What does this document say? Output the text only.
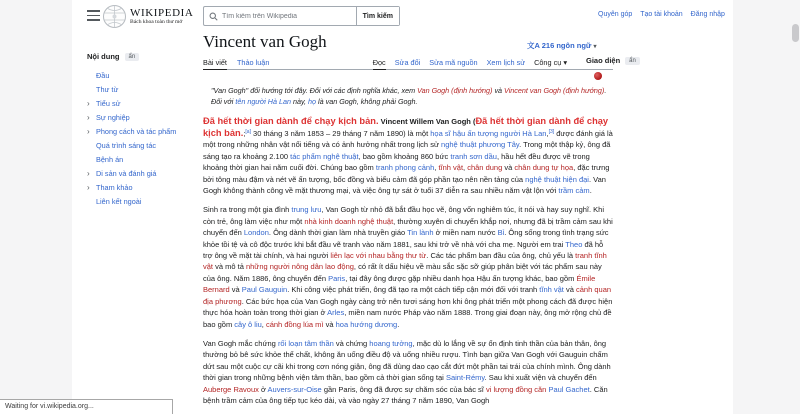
WIKIPEDIA
Bách khoa toàn thư mở
Tìm kiếm trên Wikipedia
Tìm kiếm	Quyên góp Tạo tài khoản Đăng nhập
Nội dung	ẩn
Đầu
Thư từ
› Tiểu sử
› Sự nghiệp
› Phong cách và tác phẩm
Quá trình sáng tác
Bệnh án
› Di sản và đánh giá
› Tham khảo
Liên kết ngoài
文A 216 ngôn ngữ ▾
Vincent van Gogh
Bài viết Thảo luận	Đọc Sửa đổi Sửa mã nguồn Xem lịch sử Công cụ ▾	Giao diện	ẩn
"Van Gogh" đổi hướng tới đây. Đối với các định nghĩa khác, xem Van Gogh (định hướng) và Vincent van Gogh (định hướng).
Đối với tên người Hà Lan này, họ là van Gogh, không phải Gogh.

Đã hết thời gian dành để chạy kịch bản. Vincent Willem Van Gogh (Đã hết thời gian dành để chạy kịch bản.;[a] 30 tháng 3 năm 1853 – 29 tháng 7 năm 1890) là một họa sĩ hậu ấn tượng người Hà Lan,[3] được đánh giá là một trong những nhân vật nổi tiếng và có ảnh hưởng nhất trong lịch sử nghệ thuật phương Tây. Trong một thập kỷ, ông đã sáng tạo ra khoảng 2.100 tác phẩm nghệ thuật, bao gồm khoảng 860 bức tranh sơn dầu, hầu hết đều được vẽ trong khoảng thời gian hai năm cuối đời. Chúng bao gồm tranh phong cảnh, tĩnh vật, chân dung và chân dung tự họa, đặc trưng bởi tông màu đậm và nét vẽ ấn tượng, bốc đồng và biểu cảm đã góp phần tạo nên nền tảng của nghệ thuật hiện đại. Van Gogh không thành công về mặt thương mại, và việc ông tự sát ở tuổi 37 diễn ra sau nhiều năm vật lộn với trầm cảm.

Sinh ra trong một gia đình trung lưu, Van Gogh từ nhỏ đã bắt đầu học vẽ, ông vốn nghiêm túc, ít nói và hay suy nghĩ. Khi còn trẻ, ông làm việc như một nhà kinh doanh nghệ thuật, thường xuyên di chuyển khắp nơi, nhưng đã bị trầm cảm sau khi chuyển đến London. Ông dành thời gian làm nhà truyền giáo Tin lành ở miền nam nước Bỉ. Ông sống trong tình trạng sức khỏe tồi tệ và cô độc trước khi bắt đầu vẽ tranh vào năm 1881, sau khi trở về nhà với cha mẹ. Người em trai Theo đã hỗ trợ ông về mặt tài chính, và hai người liên lạc với nhau bằng thư từ. Các tác phẩm ban đầu của ông, chủ yếu là tranh tĩnh vật và mô tả những người nông dân lao động, có rất ít dấu hiệu về màu sắc sặc sỡ giúp phân biệt với tác phẩm sau này của ông. Năm 1886, ông chuyển đến Paris, tại đây ông được gặp nhiều danh họa Hậu ấn tượng khác, bao gồm Émile Bernard và Paul Gauguin. Khi công việc phát triển, ông đã tạo ra một cách tiếp cận mới đối với tranh tĩnh vật và cảnh quan địa phương. Các bức họa của Van Gogh ngày càng trở nên tươi sáng hơn khi ông phát triển một phong cách đã được hiện thực hóa hoàn toàn trong thời gian ở Arles, miền nam nước Pháp vào năm 1888. Trong giai đoạn này, ông mở rộng chủ đề bao gồm cây ô liu, cánh đồng lúa mì và hoa hướng dương.

Van Gogh mắc chứng rối loạn tâm thần và chứng hoang tưởng, mặc dù lo lắng về sự ổn định tinh thần của bản thân, ông thường bỏ bê sức khỏe thể chất, không ăn uống điều độ và uống nhiều rượu. Tình bạn giữa Van Gogh với Gauguin chấm dứt sau một cuộc cự cãi khi trong cơn nóng giận, ông đã dùng dao cạo cắt đứt một phần tai trái của chính mình. Ông dành thời gian trong những bệnh viện tâm thần, bao gồm cả thời gian sống tại Saint-Rémy. Sau khi xuất viện và chuyển đến Auberge Ravoux ở Auvers-sur-Oise gần Paris, ông đã được sự chăm sóc của bác sĩ vi lượng đồng căn Paul Gachet. Căn bệnh trầm cảm của ông tiếp tục kéo dài, và vào ngày 27 tháng 7 năm 1890, Van Gogh

Waiting for vi.wikipedia.org...
